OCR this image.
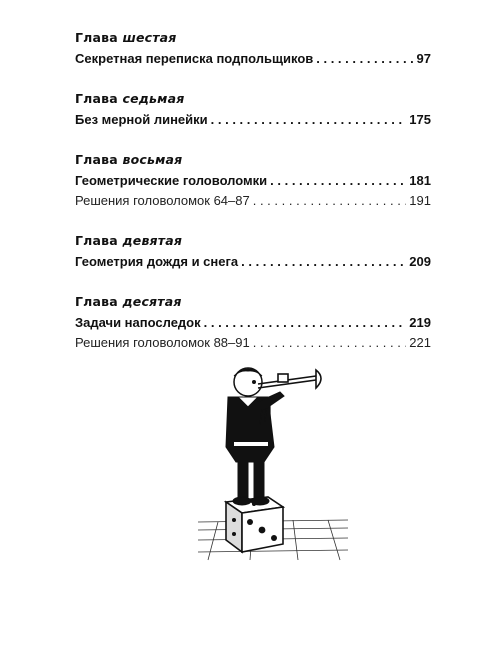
Глава шестая
Секретная переписка подпольщиков . . .	97
Глава седьмая
Без мерной линейки . . .	175
Глава восьмая
Геометрические головоломки . . .	181
Решения головоломок 64–87 . . .	191
Глава девятая
Геометрия дождя и снега . . .	209
Глава десятая
Задачи напоследок . . .	219
Решения головоломок 88–91 . . .	221
